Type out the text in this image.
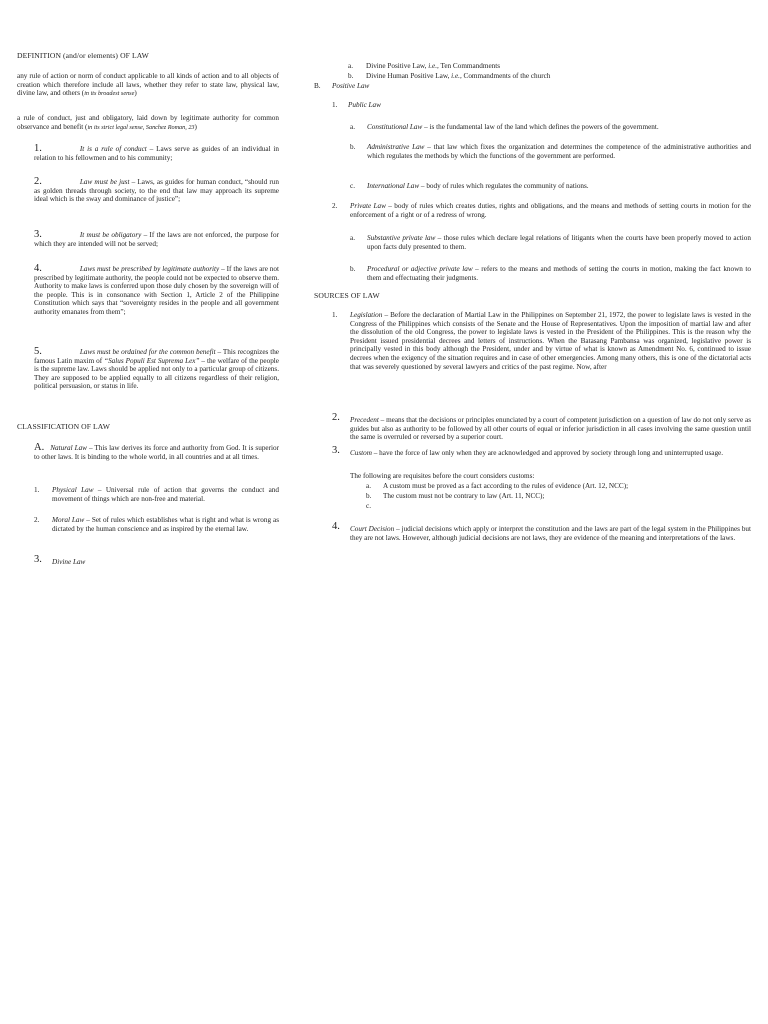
DEFINITION (and/or elements) OF LAW

any rule of action or norm of conduct applicable to all kinds of action and to all objects of creation which therefore include all laws, whether they refer to state law, physical law, divine law, and others (in its broadest sense)

a rule of conduct, just and obligatory, laid down by legitimate authority for common observance and benefit (in its strict legal sense, Sanchez Roman, 23)

1.	It is a rule of conduct – Laws serve as guides of an individual in relation to his fellowmen and to his community;

2.	Law must be just – Laws, as guides for human conduct, “should run as golden threads through society, to the end that law may approach its supreme ideal which is the sway and dominance of justice”;

3.	It must be obligatory – If the laws are not enforced, the purpose for which they are intended will not be served;

4.	Laws must be prescribed by legitimate authority – If the laws are not prescribed by legitimate authority, the people could not be expected to observe them. Authority to make laws is conferred upon those duly chosen by the sovereign will of the people. This is in consonance with Section 1, Article 2 of the Philippine Constitution which says that “sovereignty resides in the people and all government authority emanates from them”;

5.	Laws must be ordained for the common benefit – This recognizes the famous Latin maxim of “Salus Populi Est Suprema Lex” – the welfare of the people is the supreme law. Laws should be applied not only to a particular group of citizens. They are supposed to be applied equally to all citizens regardless of their religion, political persuasion, or status in life.

CLASSIFICATION OF LAW

A. Natural Law – This law derives its force and authority from God. It is superior to other laws. It is binding to the whole world, in all countries and at all times.

1. Physical Law – Universal rule of action that governs the conduct and movement of things which are non-free and material.
2. Moral Law – Set of rules which establishes what is right and what is wrong as dictated by the human conscience and as inspired by the eternal law.
3. Divine Law
a. Divine Positive Law, i.e., Ten Commandments
b. Divine Human Positive Law, i.e., Commandments of the church
B. Positive Law
1. Public Law
a. Constitutional Law – is the fundamental law of the land which defines the powers of the government.
b. Administrative Law – that law which fixes the organization and determines the competence of the administrative authorities and which regulates the methods by which the functions of the government are performed.
c. International Law – body of rules which regulates the community of nations.
2. Private Law – body of rules which creates duties, rights and obligations, and the means and methods of setting courts in motion for the enforcement of a right or of a redress of wrong.
a. Substantive private law – those rules which declare legal relations of litigants when the courts have been properly moved to action upon facts duly presented to them.
b. Procedural or adjective private law – refers to the means and methods of setting the courts in motion, making the fact known to them and effectuating their judgments.

SOURCES OF LAW

1. Legislation – Before the declaration of Martial Law in the Philippines on September 21, 1972, the power to legislate laws is vested in the Congress of the Philippines which consists of the Senate and the House of Representatives. Upon the imposition of martial law and after the dissolution of the old Congress, the power to legislate laws is vested in the President of the Philippines. This is the reason why the President issued presidential decrees and letters of instructions. When the Batasang Pambansa was organized, legislative power is principally vested in this body although the President, under and by virtue of what is known as Amendment No. 6, continued to issue decrees when the exigency of the situation requires and in case of other emergencies. Among many others, this is one of the dictatorial acts that was severely questioned by several lawyers and critics of the past regime. Now, after
2. Precedent – means that the decisions or principles enunciated by a court of competent jurisdiction on a question of law do not only serve as guides but also as authority to be followed by all other courts of equal or inferior jurisdiction in all cases involving the same question until the same is overruled or reversed by a superior court.
3. Custom – have the force of law only when they are acknowledged and approved by society through long and uninterrupted usage.

The following are requisites before the court considers customs:

a. A custom must be proved as a fact according to the rules of evidence (Art. 12, NCC);
b. The custom must not be contrary to law (Art. 11, NCC);
c.
4. Court Decision – judicial decisions which apply or interpret the constitution and the laws are part of the legal system in the Philippines but they are not laws. However, although judicial decisions are not laws, they are evidence of the meaning and interpretations of the laws.
